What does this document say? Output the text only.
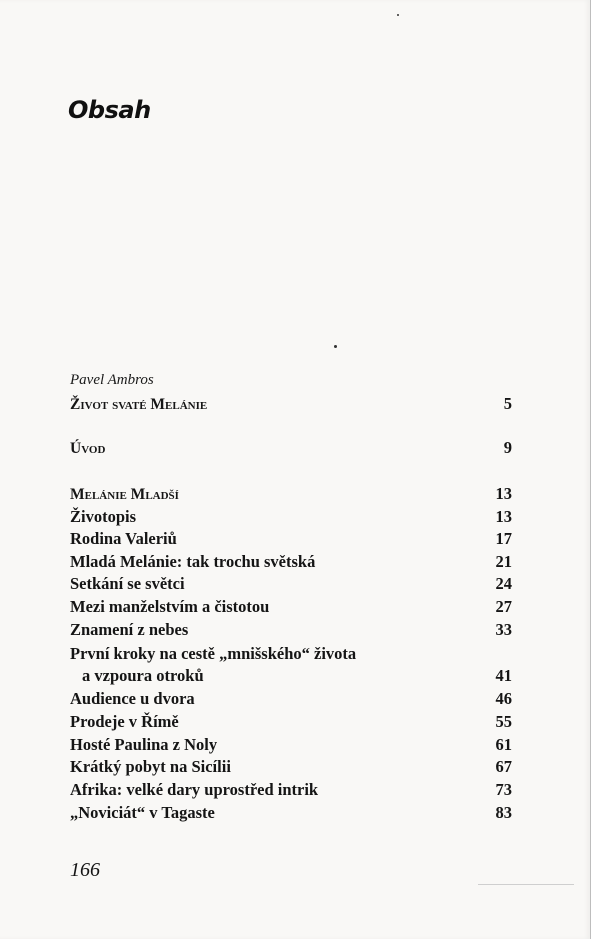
Obsah
Pavel Ambros
Život svaté Melánie	5
Úvod	9
Melánie Mladší	13
Životopis	13
Rodina Valeriů	17
Mladá Melánie: tak trochu světská	21
Setkání se světci	24
Mezi manželstvím a čistotou	27
Znamení z nebes	33
První kroky na cestě „mnišského“ života
a vzpoura otroků	41
Audience u dvora	46
Prodeje v Římě	55
Hosté Paulina z Noly	61
Krátký pobyt na Sicílii	67
Afrika: velké dary uprostřed intrik	73
„Noviciát“ v Tagaste	83
166
